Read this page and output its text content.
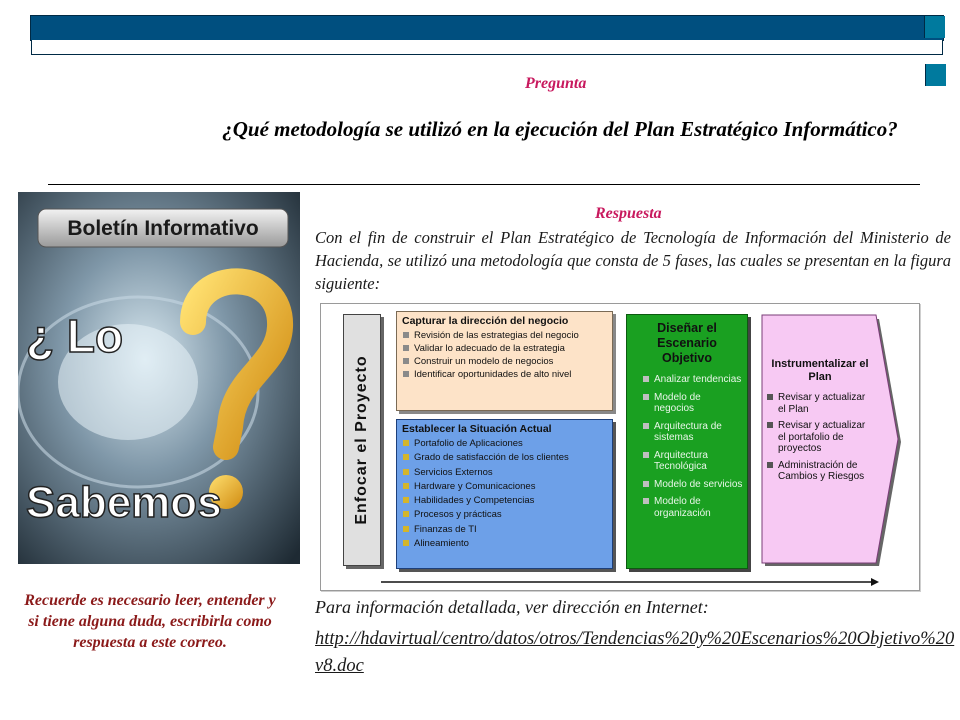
Pregunta
¿Qué metodología se utilizó en la ejecución del Plan Estratégico Informático?
Boletín Informativo
¿ Lo
Sabemos
Recuerde es necesario leer, entender y si tiene alguna duda, escribirla como respuesta a este correo.
Respuesta
Con el fin de construir el Plan Estratégico de Tecnología de Información del Ministerio de Hacienda, se utilizó una metodología que consta de 5 fases, las cuales se presentan en la figura siguiente:
Enfocar el Proyecto
Capturar la dirección del negocio
Revisión de las estrategias del negocio
Validar lo adecuado de la estrategia
Construir un modelo de negocios
Identificar oportunidades de alto nivel
Establecer la Situación Actual
Portafolio de Aplicaciones
Grado de satisfacción de los clientes
Servicios Externos
Hardware y Comunicaciones
Habilidades y Competencias
Procesos y prácticas
Finanzas de TI
Alineamiento
Diseñar el Escenario Objetivo
Analizar tendencias
Modelo de negocios
Arquitectura de sistemas
Arquitectura Tecnológica
Modelo de servicios
Modelo de organización
Instrumentalizar el Plan
Revisar y actualizar el Plan
Revisar y actualizar el portafolio de proyectos
Administración de Cambios y Riesgos
Para información detallada, ver dirección en Internet:
http://hdavirtual/centro/datos/otros/Tendencias%20y%20Escenarios%20Objetivo%20v8.doc
